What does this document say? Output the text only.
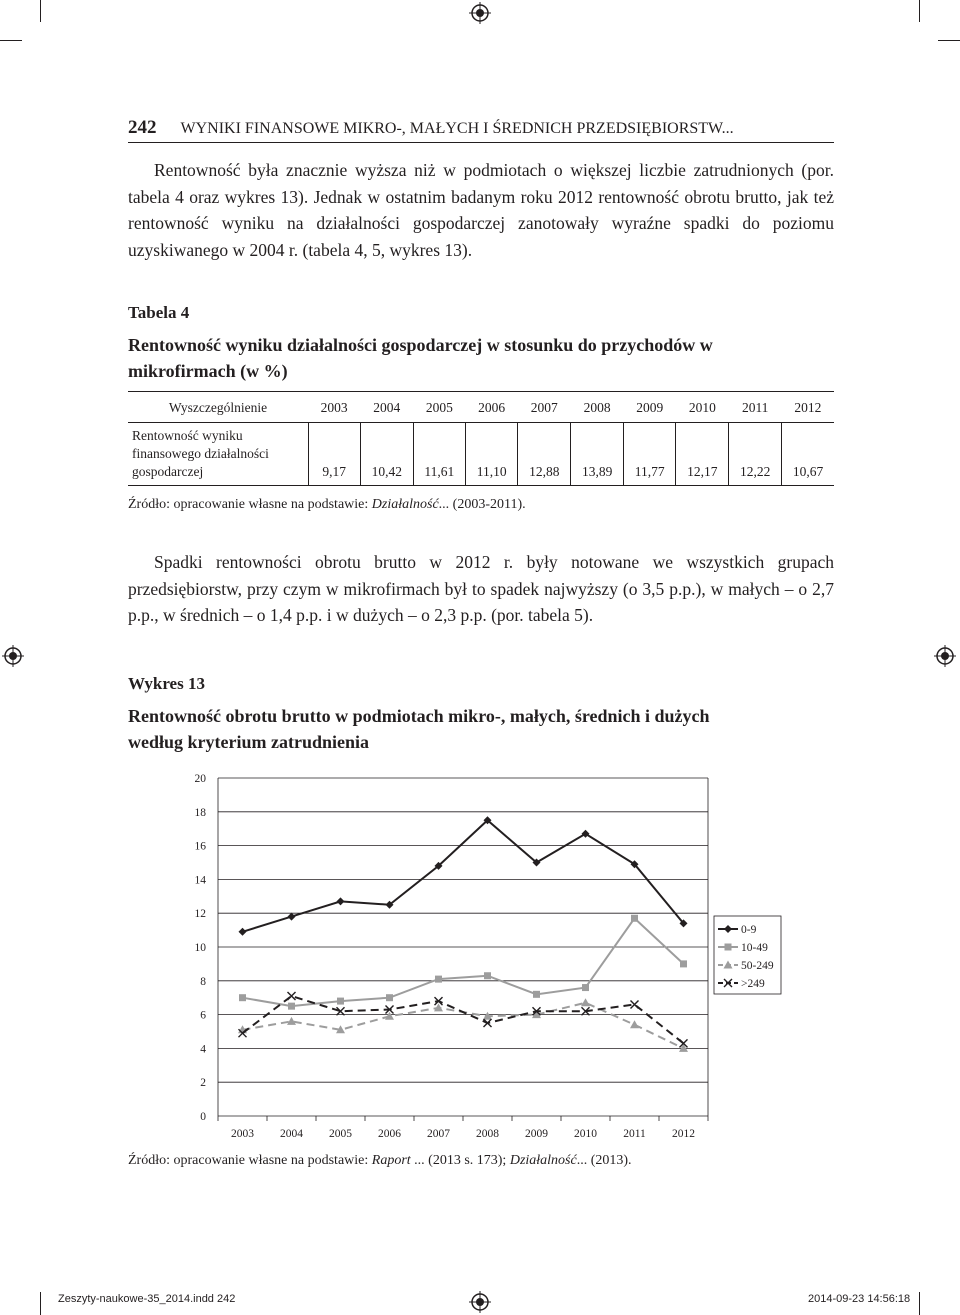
242 WYNIKI FINANSOWE MIKRO-, MAŁYCH I ŚREDNICH PRZEDSIĘBIORSTW...

Rentowność była znacznie wyższa niż w podmiotach o większej liczbie zatrudnionych (por. tabela 4 oraz wykres 13). Jednak w ostatnim badanym roku 2012 rentowność obrotu brutto, jak też rentowność wyniku na działalności gospodarczej zanotowały wyraźne spadki do poziomu uzyskiwanego w 2004 r. (tabela 4, 5, wykres 13).

Tabela 4
Rentowność wyniku działalności gospodarczej w stosunku do przychodów w mikrofirmach (w %)
Wyszczególnienie	2003	2004	2005	2006	2007	2008	2009	2010	2011	2012

Rentowność wyniku
finansowego działalności
gospodarczej	9,17	10,42	11,61	11,10	12,88	13,89	11,77	12,17	12,22	10,67
Źródło: opracowanie własne na podstawie: Działalność... (2003-2011).

Spadki rentowności obrotu brutto w 2012 r. były notowane we wszystkich grupach przedsiębiorstw, przy czym w mikrofirmach był to spadek najwyższy (o 3,5 p.p.), w małych – o 2,7 p.p., w średnich – o 1,4 p.p. i w dużych – o 2,3 p.p. (por. tabela 5).

Wykres 13
Rentowność obrotu brutto w podmiotach mikro-, małych, średnich i dużych według kryterium zatrudnienia
0
2
4
6
8
10
12
14
16
18
20
2003 2004 2005 2006 2007 2008 2009 2010 2011 2012
0-9
10-49
50-249
>249
Źródło: opracowanie własne na podstawie: Raport ... (2013 s. 173); Działalność... (2013).
Zeszyty-naukowe-35_2014.indd 242	2014-09-23 14:56:18
